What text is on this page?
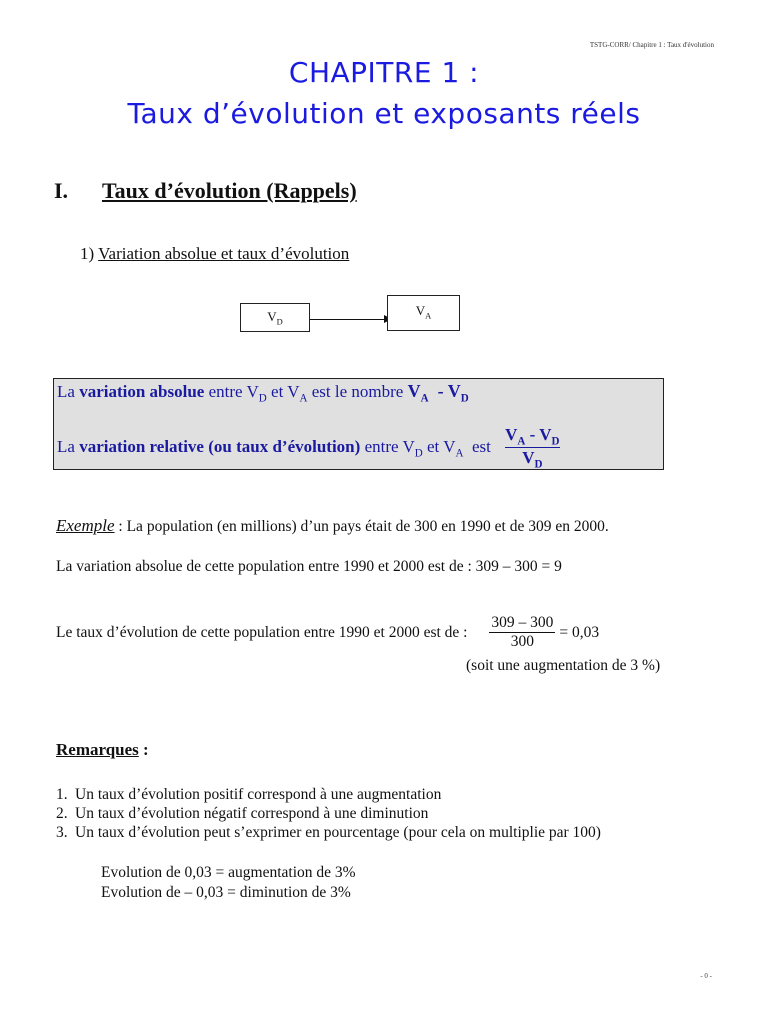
TSTG-CORR/ Chapitre 1 : Taux d'évolution
CHAPITRE 1 :
Taux d’évolution et exposants réels
I. Taux d’évolution (Rappels)
1) Variation absolue et taux d’évolution
$V_D$
$V_A$
La variation absolue entre $V_D$ et $V_A$ est le nombre $V_A - V_D$
La variation relative (ou taux d’évolution) entre $V_D$ et $V_A$  est $\frac{V_A - V_D}{V_D}$
Exemple : La population (en millions) d’un pays était de 300 en 1990 et de 309 en 2000.
La variation absolue de cette population entre 1990 et 2000 est de : 309 – 300 = 9
Le taux d’évolution de cette population entre 1990 et 2000 est de : $\frac{309 - 300}{300} = 0,03$
(soit une augmentation de 3 %)
Remarques :
1. Un taux d’évolution positif correspond à une augmentation
2. Un taux d’évolution négatif correspond à une diminution
3. Un taux d’évolution peut s’exprimer en pourcentage (pour cela on multiplie par 100)
Evolution de 0,03 = augmentation de 3%
Evolution de – 0,03 = diminution de 3%
- 0 -
